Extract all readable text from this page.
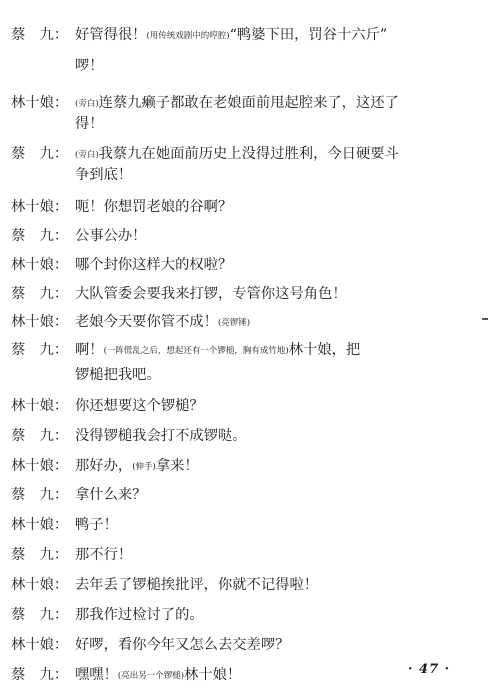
蔡　九： 好管得很！(用传统戏剧中的哼腔)“鸭婆下田，罚谷十六斤”
啰！
林十娘： (旁白)连蔡九癞子都敢在老娘面前甩起腔来了，这还了
得！
蔡　九： (旁白)我蔡九在她面前历史上没得过胜利，今日硬要斗
争到底！
林十娘： 呃！你想罚老娘的谷啊？
蔡　九： 公事公办！
林十娘： 哪个封你这样大的权啦？
蔡　九： 大队管委会要我来打锣，专管你这号角色！
林十娘： 老娘今天要你管不成！(亮锣锤)
蔡　九： 啊！(一阵慌乱之后，想起还有一个锣槌，胸有成竹地)林十娘，把
锣槌把我吧。
林十娘： 你还想要这个锣槌？
蔡　九： 没得锣槌我会打不成锣哒。
林十娘： 那好办，(伸手)拿来！
蔡　九： 拿什么来？
林十娘： 鸭子！
蔡　九： 那不行！
林十娘： 去年丢了锣槌挨批评，你就不记得啦！
蔡　九： 那我作过检讨了的。
林十娘： 好啰，看你今年又怎么去交差啰？
蔡　九： 嘿嘿！(亮出另一个锣槌)林十娘！	· 47 ·
